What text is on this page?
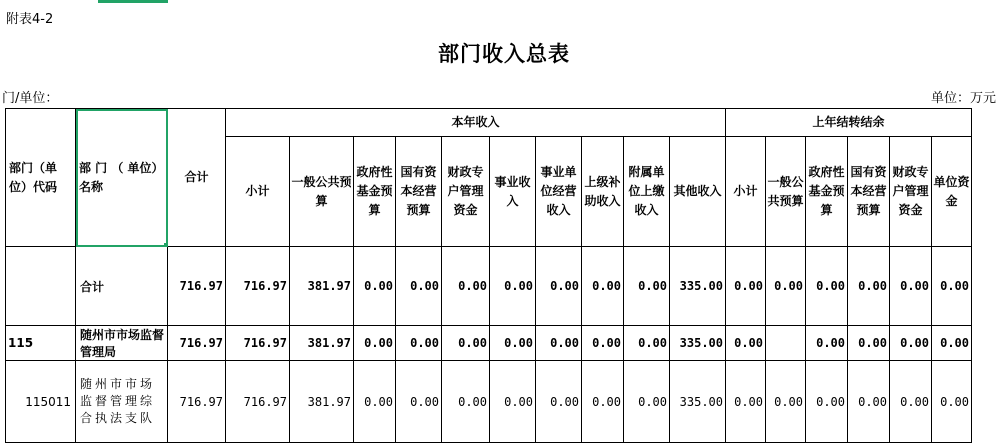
附表4-2
部门收入总表
门/单位：	单位：万元
部门（单位）代码	部 门 （ 单位）名称	合计	本年收入										上年结转结余					
			小计	一般公共预算	政府性基金预算	国有资本经营预算	财政专户管理资金	事业收入	事业单位经营收入	上级补助收入	附属单位上缴收入	其他收入	小计	一般公共预算	政府性基金预算	国有资本经营预算	财政专户管理资金	单位资金
	合计	716.97	716.97	381.97	0.00	0.00	0.00	0.00	0.00	0.00	0.00	335.00	0.00	0.00	0.00	0.00	0.00	0.00
115	随州市市场监督管理局	716.97	716.97	381.97	0.00	0.00	0.00	0.00	0.00	0.00	0.00	335.00	0.00		0.00	0.00	0.00	0.00
115011	随州市市场监督管理综合执法支队	716.97	716.97	381.97	0.00	0.00	0.00	0.00	0.00	0.00	0.00	335.00	0.00	0.00	0.00	0.00	0.00	0.00
